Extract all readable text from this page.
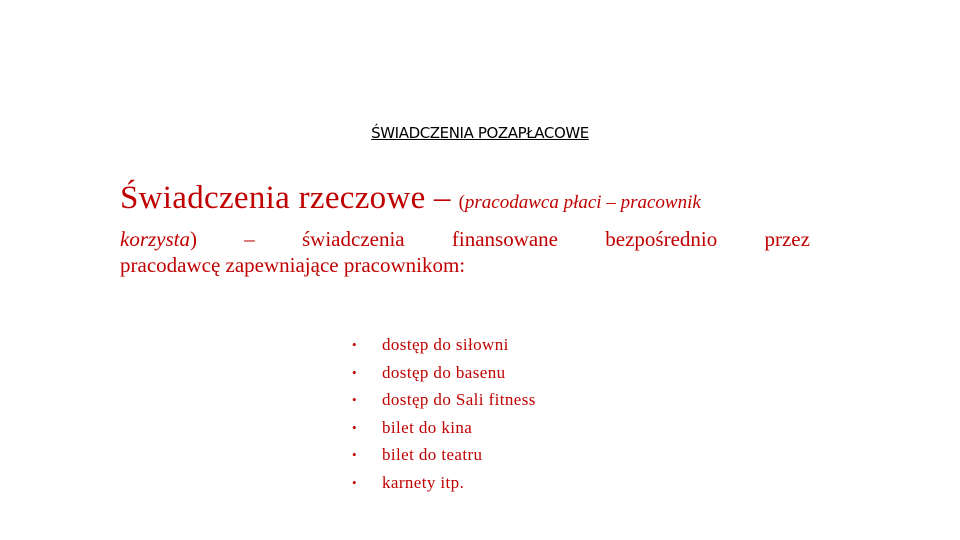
ŚWIADCZENIA POZAPŁACOWE
Świadczenia rzeczowe – (pracodawca płaci – pracownik
korzysta) – świadczenia finansowane bezpośrednio przez
pracodawcę zapewniające pracownikom:
• dostęp do siłowni
• dostęp do basenu
• dostęp do Sali fitness
• bilet do kina
• bilet do teatru
• karnety itp.
